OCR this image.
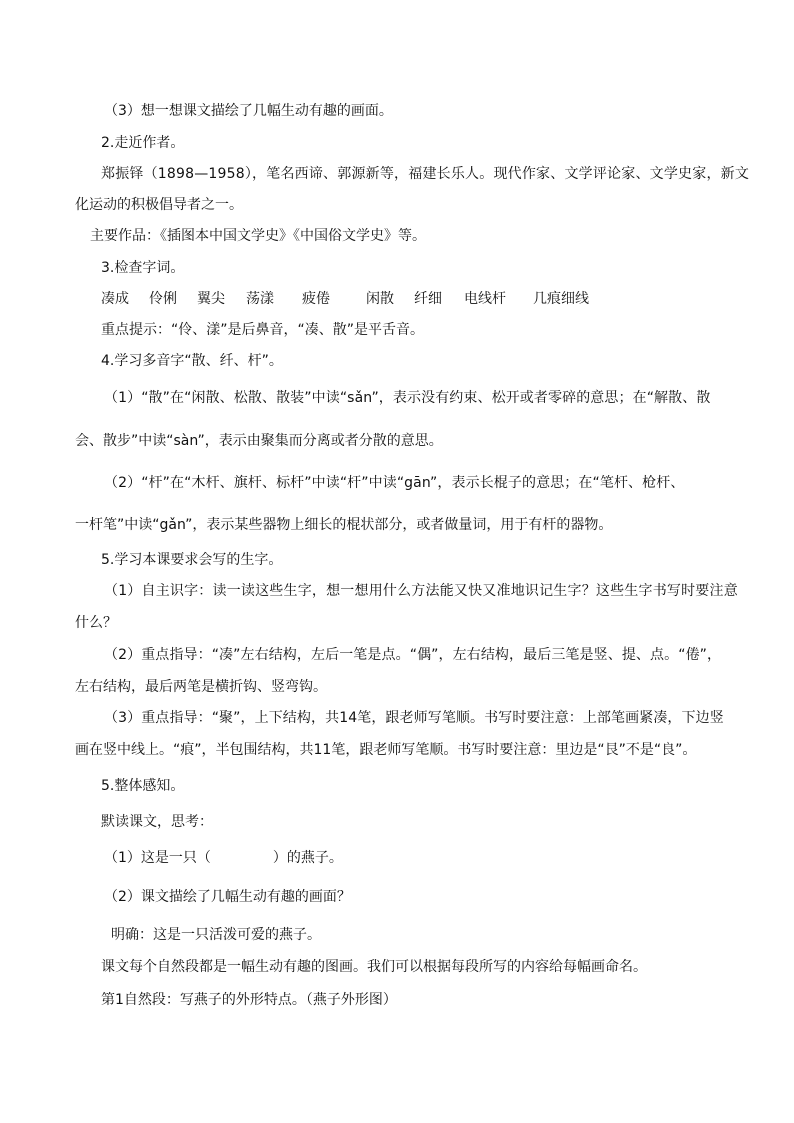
（3）想一想课文描绘了几幅生动有趣的画面。
2.走近作者。
郑振铎（1898—1958），笔名西谛、郭源新等，福建长乐人。现代作家、文学评论家、文学史家，新文
化运动的积极倡导者之一。
主要作品：《插图本中国文学史》《中国俗文学史》等。
3.检查字词。
凑成 伶俐 翼尖 荡漾 疲倦	闲散 纤细 电线杆 几痕细线
重点提示：“伶、漾”是后鼻音，“凑、散”是平舌音。
4.学习多音字“散、纤、杆”。
（1）“散”在“闲散、松散、散装”中读“sǎn”，表示没有约束、松开或者零碎的意思；在“解散、散
会、散步”中读“sàn”，表示由聚集而分离或者分散的意思。
（2）“杆”在“木杆、旗杆、标杆”中读“杆”中读“gān”，表示长棍子的意思；在“笔杆、枪杆、
一杆笔”中读“gǎn”，表示某些器物上细长的棍状部分，或者做量词，用于有杆的器物。
5.学习本课要求会写的生字。
（1）自主识字：读一读这些生字，想一想用什么方法能又快又准地识记生字？这些生字书写时要注意
什么？
（2）重点指导：“凑”左右结构，左后一笔是点。“偶”，左右结构，最后三笔是竖、提、点。“倦”，
左右结构，最后两笔是横折钩、竖弯钩。
（3）重点指导：“聚”，上下结构，共14笔，跟老师写笔顺。书写时要注意：上部笔画紧凑，下边竖
画在竖中线上。“痕”，半包围结构，共11笔，跟老师写笔顺。书写时要注意：里边是“艮”不是“良”。
5.整体感知。
默读课文，思考：
（1）这是一只（	）的燕子。
（2）课文描绘了几幅生动有趣的画面？
明确：这是一只活泼可爱的燕子。
课文每个自然段都是一幅生动有趣的图画。我们可以根据每段所写的内容给每幅画命名。
第1自然段：写燕子的外形特点。（燕子外形图）
